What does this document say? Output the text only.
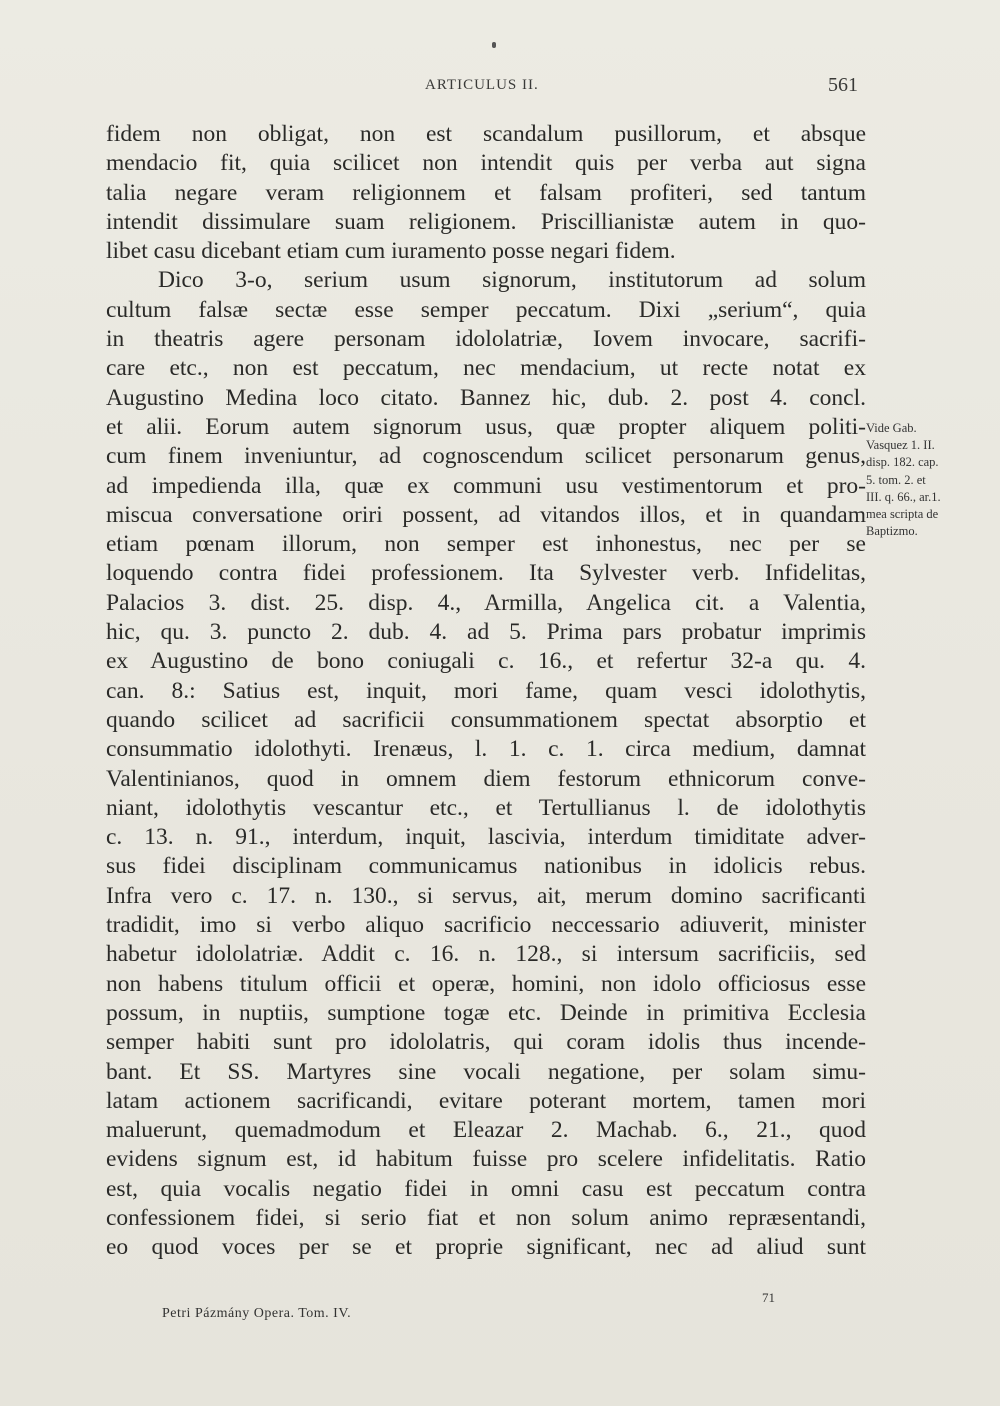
ARTICULUS II.	561
fidem non obligat, non est scandalum pusillorum, et absque
mendacio fit, quia scilicet non intendit quis per verba aut signa
talia negare veram religionnem et falsam profiteri, sed tantum
intendit dissimulare suam religionem. Priscillianistæ autem in quo-
libet casu dicebant etiam cum iuramento posse negari fidem.
Dico 3-o, serium usum signorum, institutorum ad solum
cultum falsæ sectæ esse semper peccatum. Dixi „serium“, quia
in theatris agere personam idololatriæ, Iovem invocare, sacrifi-
care etc., non est peccatum, nec mendacium, ut recte notat ex
Augustino Medina loco citato. Bannez hic, dub. 2. post 4. concl.
et alii. Eorum autem signorum usus, quæ propter aliquem politi-
cum finem inveniuntur, ad cognoscendum scilicet personarum genus,
ad impedienda illa, quæ ex communi usu vestimentorum et pro-
miscua conversatione oriri possent, ad vitandos illos, et in quandam
etiam pœnam illorum, non semper est inhonestus, nec per se
loquendo contra fidei professionem. Ita Sylvester verb. Infidelitas,
Palacios 3. dist. 25. disp. 4., Armilla, Angelica cit. a Valentia,
hic, qu. 3. puncto 2. dub. 4. ad 5. Prima pars probatur imprimis
ex Augustino de bono coniugali c. 16., et refertur 32-a qu. 4.
can. 8.: Satius est, inquit, mori fame, quam vesci idolothytis,
quando scilicet ad sacrificii consummationem spectat absorptio et
consummatio idolothyti. Irenæus, l. 1. c. 1. circa medium, damnat
Valentinianos, quod in omnem diem festorum ethnicorum conve-
niant, idolothytis vescantur etc., et Tertullianus l. de idolothytis
c. 13. n. 91., interdum, inquit, lascivia, interdum timiditate adver-
sus fidei disciplinam communicamus nationibus in idolicis rebus.
Infra vero c. 17. n. 130., si servus, ait, merum domino sacrificanti
tradidit, imo si verbo aliquo sacrificio neccessario adiuverit, minister
habetur idololatriæ. Addit c. 16. n. 128., si intersum sacrificiis, sed
non habens titulum officii et operæ, homini, non idolo officiosus esse
possum, in nuptiis, sumptione togæ etc. Deinde in primitiva Ecclesia
semper habiti sunt pro idololatris, qui coram idolis thus incende-
bant. Et SS. Martyres sine vocali negatione, per solam simu-
latam actionem sacrificandi, evitare poterant mortem, tamen mori
maluerunt, quemadmodum et Eleazar 2. Machab. 6., 21., quod
evidens signum est, id habitum fuisse pro scelere infidelitatis. Ratio
est, quia vocalis negatio fidei in omni casu est peccatum contra
confessionem fidei, si serio fiat et non solum animo repræsentandi,
eo quod voces per se et proprie significant, nec ad aliud sunt
Vide Gab.
Vasquez 1. II.
disp. 182. cap.
5. tom. 2. et
III. q. 66., ar.1.
mea scripta de
Baptizmo.
71
Petri Pázmány Opera. Tom. IV.
